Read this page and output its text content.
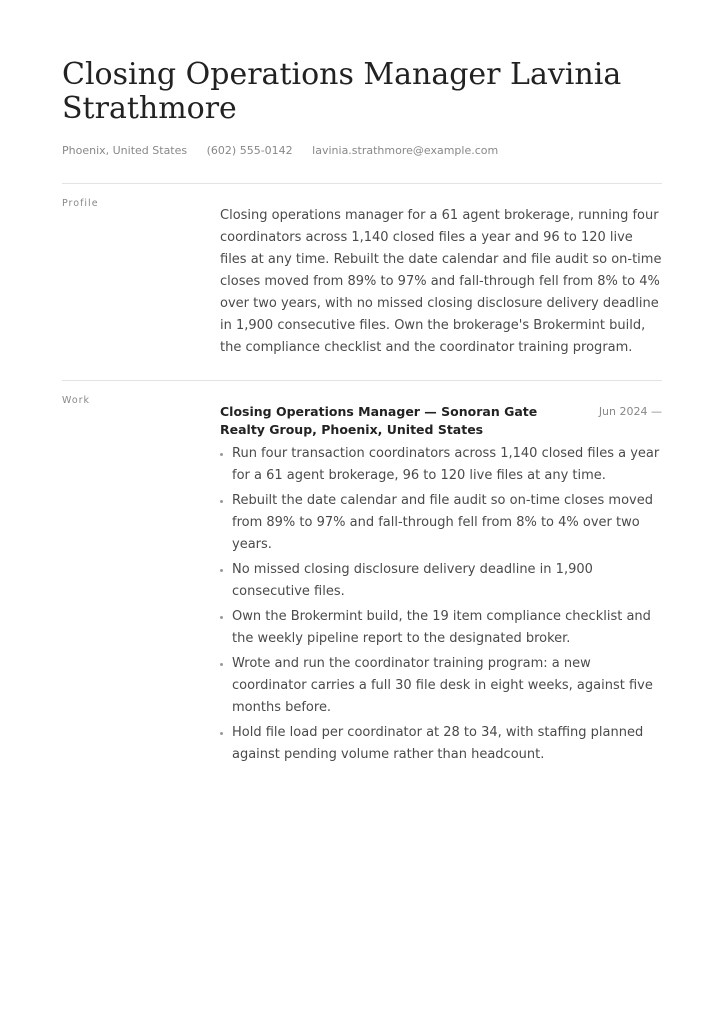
Closing Operations Manager Lavinia Strathmore
Phoenix, United States (602) 555-0142 lavinia.strathmore@example.com
Profile

Closing operations manager for a 61 agent brokerage, running four coordinators across 1,140 closed files a year and 96 to 120 live files at any time. Rebuilt the date calendar and file audit so on-time closes moved from 89% to 97% and fall-through fell from 8% to 4% over two years, with no missed closing disclosure delivery deadline in 1,900 consecutive files. Own the brokerage's Brokermint build, the compliance checklist and the coordinator training program.

Work

Closing Operations Manager — Sonoran Gate Realty Group, Phoenix, United States

Jun 2024 —
Run four transaction coordinators across 1,140 closed files a year for a 61 agent brokerage, 96 to 120 live files at any time.
Rebuilt the date calendar and file audit so on-time closes moved from 89% to 97% and fall-through fell from 8% to 4% over two years.
No missed closing disclosure delivery deadline in 1,900 consecutive files.
Own the Brokermint build, the 19 item compliance checklist and the weekly pipeline report to the designated broker.
Wrote and run the coordinator training program: a new coordinator carries a full 30 file desk in eight weeks, against five months before.
Hold file load per coordinator at 28 to 34, with staffing planned against pending volume rather than headcount.
